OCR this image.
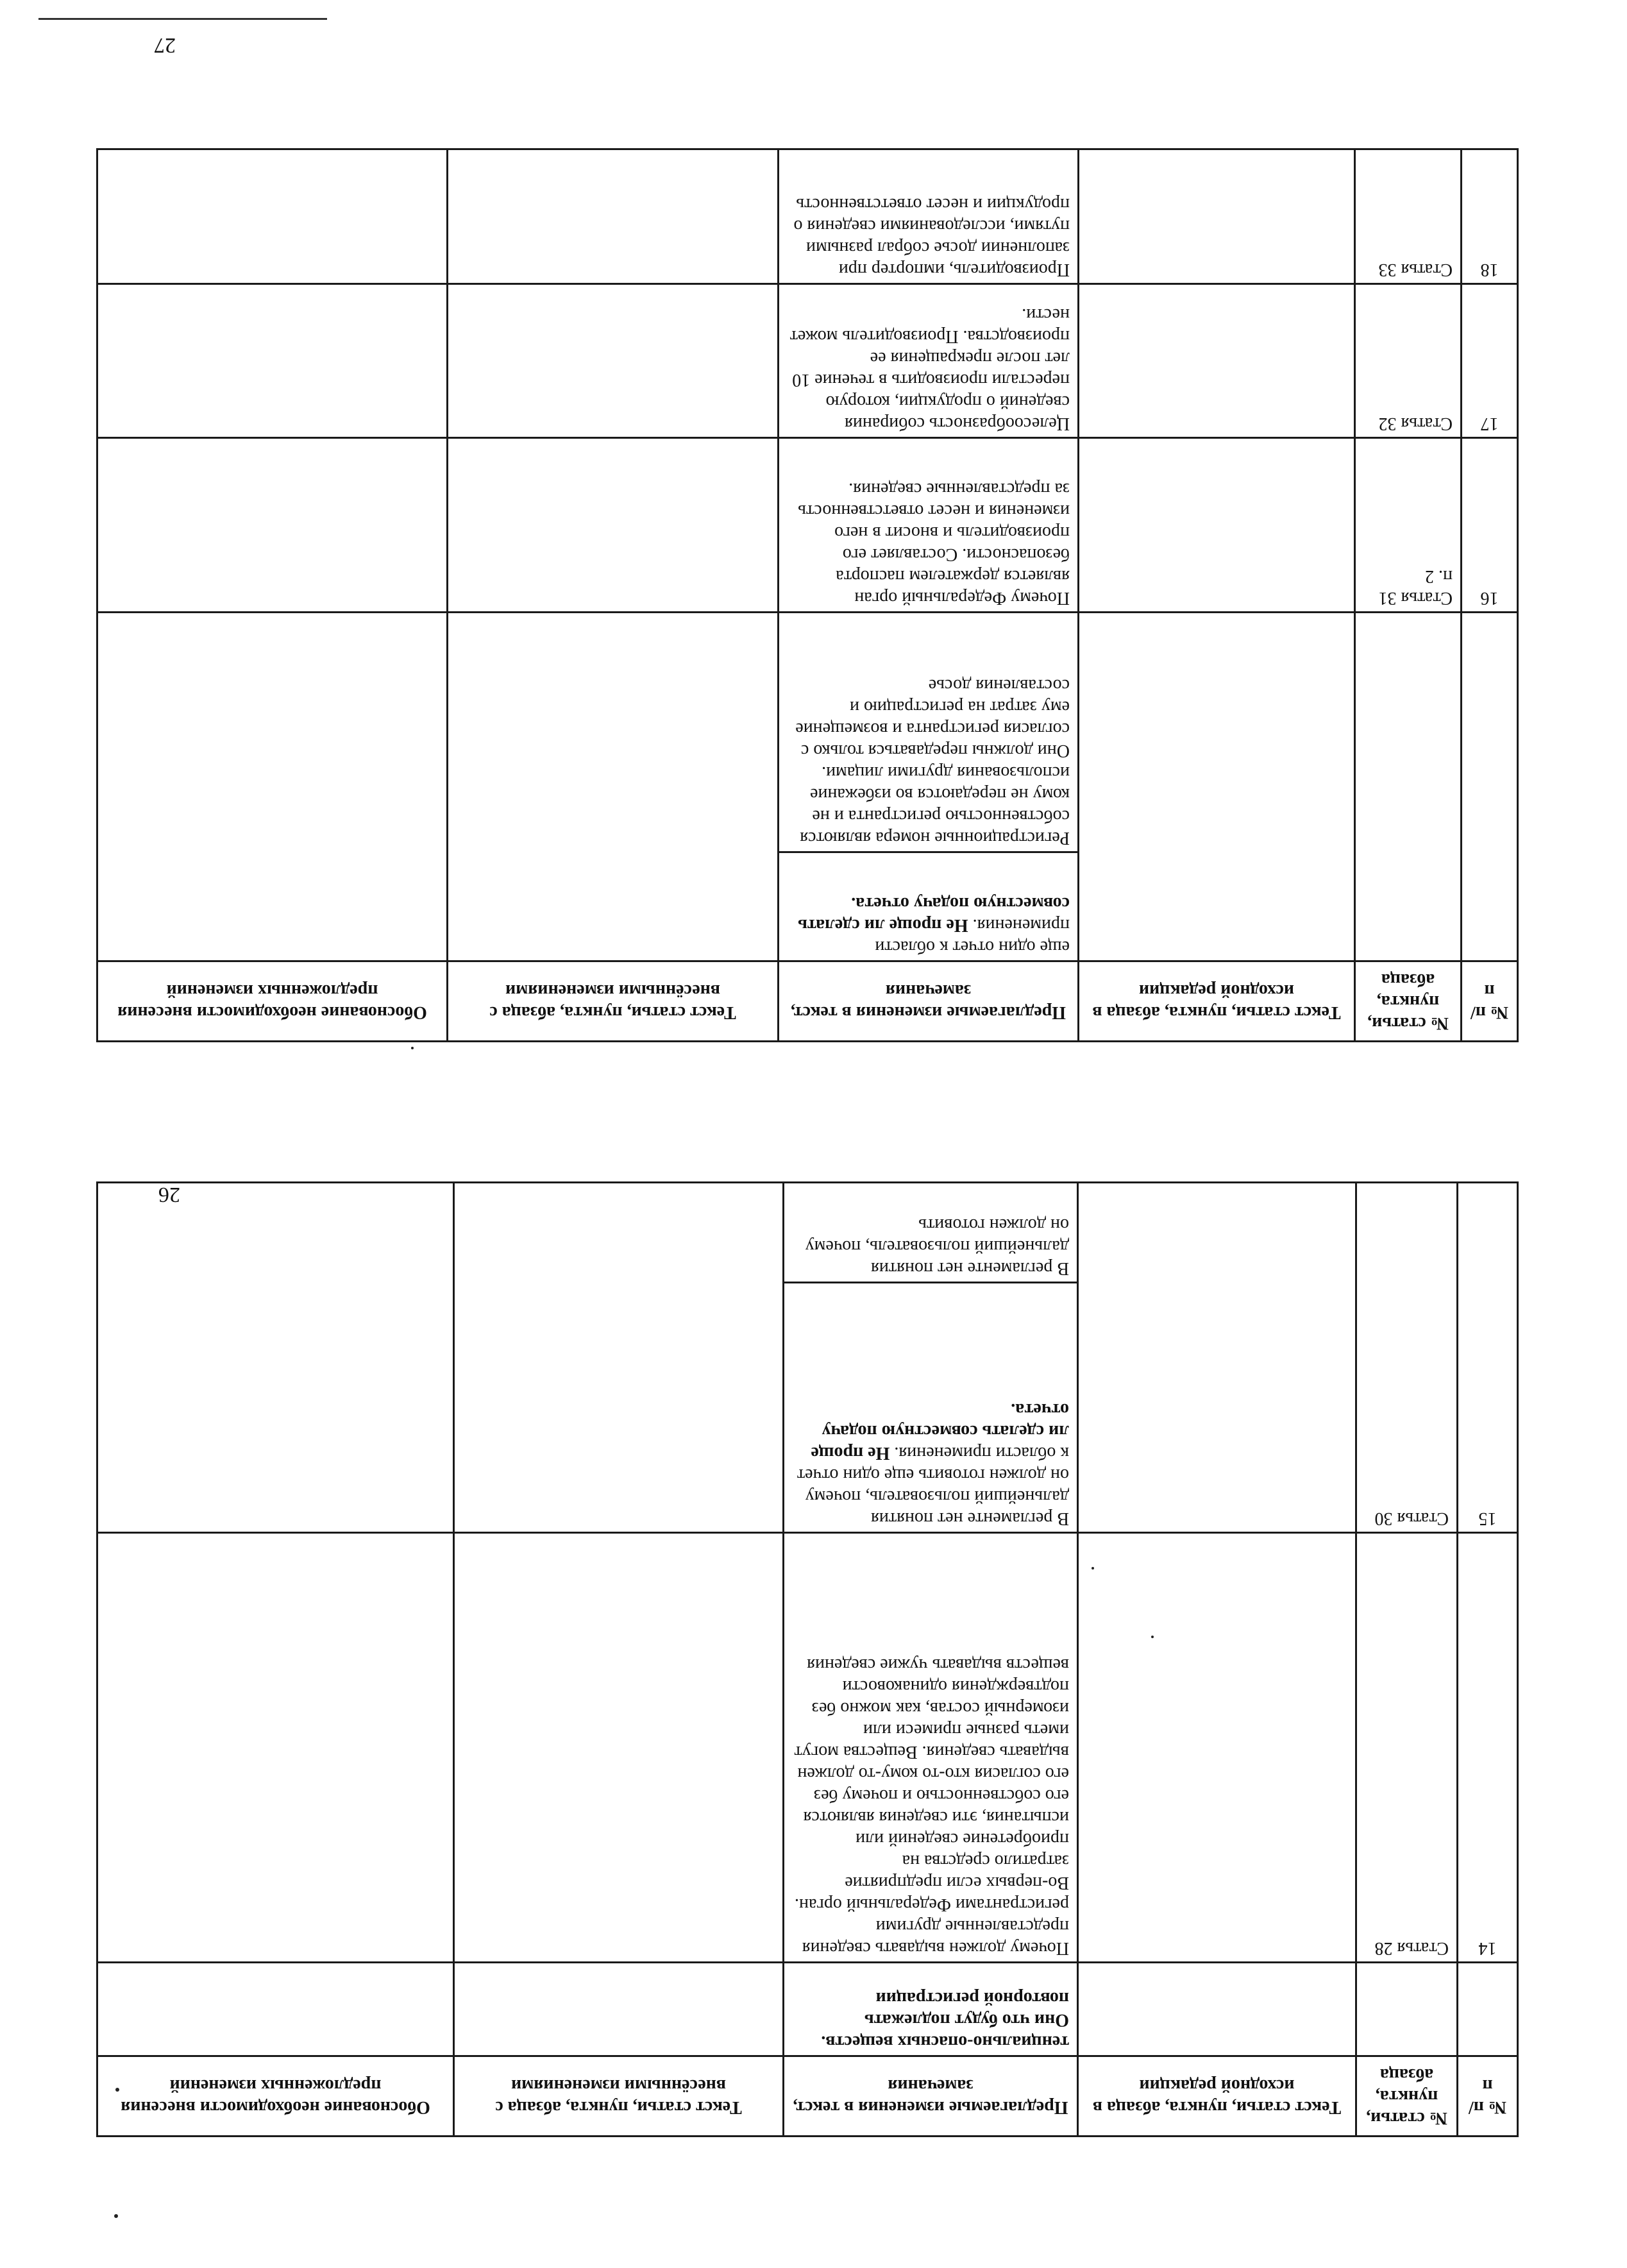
№ п/п	№ статьи, пункта, абзаца	Текст статьи, пункта, абзаца в исходной редакции	Предлагаемые изменения в текст, замечания	Текст статьи, пункта, абзаца с внесёнными изменениями	Обоснование необходимости внесения предложенных изменений
			тенциально-опасных веществ. Они что будут подлежать повторной регистрации		
14	Статья 28		Почему должен выдавать сведения представленные другими регистрантами Федеральный орган. Во-первых если предприятие затратило средства на приобретение сведений или испытания, эти сведения являются его собственностью и почему без его согласия кто-то кому-то должен выдавать сведения. Вещества могут иметь разные примеси или изомерный состав, как можно без подтверждения одинаковости веществ выдавать чужие сведения		
15	Статья 30		В регламенте нет понятия дальнейший пользователь, почему он должен готовить еще один отчет к области применения. Не проще ли сделать совместную подачу отчета.		
			В регламенте нет понятия дальнейший пользователь, почему он должен готовить		
26
№ п/п	№ статьи, пункта, абзаца	Текст статьи, пункта, абзаца в исходной редакции	Предлагаемые изменения в текст, замечания	Текст статьи, пункта, абзаца с внесёнными изменениями	Обоснование необходимости внесения предложенных изменений
			еще один отчет к области применения. Не проще ли сделать совместную подачу отчета.		
			Регистрационные номера являются собственностью регистранта и не кому не передаются во избежание использования другими лицами. Они должны передаваться только с согласия регистранта и возмещение ему затрат на регистрацию и составления досье		
16	Статья 31 п. 2		Почему Федеральный орган является держателем паспорта безопасности. Составляет его производитель и вносит в него изменения и несет ответственность за представленные сведения.		
17	Статья 32		Целесообразность собирания сведений о продукции, которую перестали производить в течение 10 лет после прекращения ее производства. Производитель может нести.		
18	Статья 33		Производитель, импортер при заполнении досье собрал разными путями, исследованиями сведения о продукции и несет ответственность		
27
